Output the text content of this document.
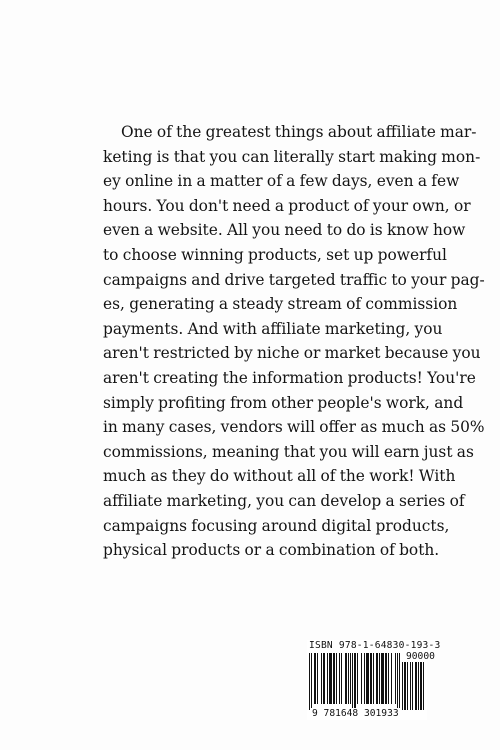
One of the greatest things about affiliate mar-
keting is that you can literally start making mon-
ey online in a matter of a few days, even a few
hours. You don't need a product of your own, or
even a website. All you need to do is know how
to choose winning products, set up powerful
campaigns and drive targeted traffic to your pag-
es, generating a steady stream of commission
payments. And with affiliate marketing, you
aren't restricted by niche or market because you
aren't creating the information products! You're
simply profiting from other people's work, and
in many cases, vendors will offer as much as 50%
commissions, meaning that you will earn just as
much as they do without all of the work! With
affiliate marketing, you can develop a series of
campaigns focusing around digital products,
physical products or a combination of both.
ISBN 978-1-64830-193-3
90000
9 781648 301933
